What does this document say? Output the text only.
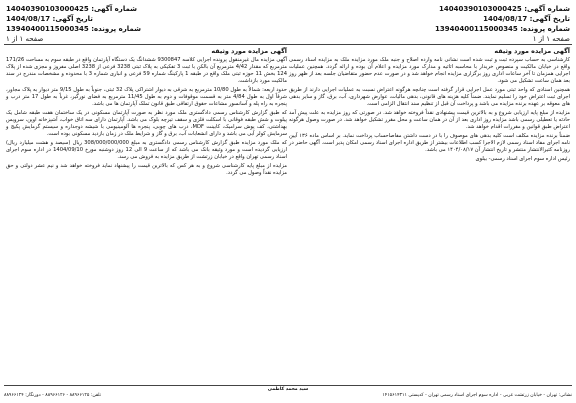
شماره آگهی: 14040390103000425
تاریخ آگهی: 1404/08/17
شماره پرونده: 13940400115000345
صفحه ۱ از ۱
شماره آگهی: 14040390103000425
تاریخ آگهی: 1404/08/17
شماره پرونده: 13940400115000345
صفحه ۱ از ۱
آگهی مزایده مورد وثیقه

کارشناسی به حساب سپرده ثبت و ثبت شده است نشانی نامه وارده اصلاح و جنبه ملک مورد مزایده ملک به مزایده اسناد رسمی واقع در خیابان مالکیت و منصوص خریدار با محاسبه اثاثیه و مدارک مورد مزایده و اعلام آن بوده و ارائه گردد. همچنین عملیات اجرایی همزمان تا آخر ساعات اداری روز برگزاری مزایده انجام خواهد شد و در صورت عدم حضور متقاضیان جلسه بعد از ظهر روز بعد همان ساعت تشکیل می شود.

همچنین اسنادی که واحد ثبتی مورد عمل اجرایی قرار گرفته است چنانچه هرگونه اعتراض نسبت به عملیات اجرایی دارند از طریق اجرای ثبت اعتراض خود را تسلیم نمایند. ضمناً کلیه هزینه های قانونی، بدهی مالیات، عوارض شهرداری، آب، برق، گاز و سایر بدهی های معوقه بر عهده برنده مزایده می باشد و پرداخت آن قبل از تنظیم سند انتقال الزامی است.

مزایده از مبلغ پایه ارزیابی شروع و به بالاترین قیمت پیشنهادی نقداً فروخته خواهد شد. در صورتی که روز مزایده به علت پیش آمد حادثه یا تعطیلی رسمی باشد مزایده روز اداری بعد از آن در همان ساعت و محل مقرر تشکیل خواهد شد. در صورت وصول هرگونه اعتراض طبق قوانین و مقررات اقدام خواهد شد.

ضمناً برنده مزایده مکلف است کلیه بدهی های موصوف را با در دست داشتن مفاصاحساب پرداخت نماید. بر اساس ماده ۱۳۶ آیین نامه اجرای مفاد اسناد رسمی لازم الاجرا کسب اطلاعات بیشتر از طریق اداره اجرای اسناد رسمی امکان پذیر است. آگهی حاضر در روزنامه کثیرالانتشار منتشر و تاریخ انتشار آن ۱۴۰۴/۰۸/۱۷ می باشد.

رئیس اداره سوم اجرای اسناد رسمی- بیلوی

آگهی مزایده مورد وثیقه

آگهی مزایده مال غیرمنقول پرونده اجرایی کلاسه 9300847 ششدانگ یک دستگاه آپارتمان واقع در طبقه سوم به مساحت 171/26 مترمربع که مقدار 4/42 مترمربع آن بالکن با ثبت 3 تفکیکی به پلاک ثبتی 3238 فرعی از 3238 اصلی مفروز و مجزی شده از پلاک 124 بخش 11 حوزه ثبتی ملک واقع در طبقه 1 پارکینگ شماره 59 فرعی و انباری شماره 3 با محدوده و مشخصات مندرج در سند مالکیت مورد بازداشت.

حدود اربعه: شمالاً به طول 10/80 مترمربع به شرقی به دیوار اشتراکی پلاک 32 ثبتی، جنوباً به طول 9/15 متر دیوار به پلاک مجاور، شرقاً اول به طول 4/84 متر به قسمت موقوفات و دوم به طول 11/45 مترمربع به فضای نورگیر، غرباً به طول 17 متر درب و پنجره به راه پله و آسانسور مشاعات حقوق ارتفاقی طبق قانون تملک آپارتمان ها می باشد.

که طبق گزارش کارشناس رسمی دادگستری ملک مورد نظر به صورت آپارتمان مسکونی در یک ساختمان هفت طبقه شامل یک پیلوت و شش طبقه فوقانی با اسکلت فلزی و سقف تیرچه بلوک می باشد. آپارتمان دارای سه اتاق خواب، آشپزخانه اوپن، سرویس بهداشتی، کف پوش سرامیک، کابینت MDF، درب های چوبی، پنجره ها آلومینیومی با شیشه دوجداره و سیستم گرمایش پکیج و سرمایش کولر آبی می باشد و دارای انشعابات آب، برق و گاز و شرایط ملک در زمان بازدید مسکونی بوده است.

که ملک مورد مزایده طبق گزارش کارشناس رسمی دادگستری به مبلغ 308/000/000/000 ریال (سیصد و هشت میلیارد ریال) ارزیابی گردیده است و مورد وثیقه بانک می باشد که از ساعت 9 الی 12 روز دوشنبه مورخ 1404/09/10 در اداره سوم اجرای اسناد رسمی تهران واقع در خیابان زرتشت از طریق مزایده به فروش می رسد.

مزایده از مبلغ پایه کارشناسی شروع و به هر کس که بالاترین قیمت را پیشنهاد نماید فروخته خواهد شد و نیم عشر دولتی و حق مزایده نقداً وصول می گردد.

سید محمد کاظمی
نشانی: تهران - خیابان زرتشت غربی - اداره سوم اجرای اسناد رسمی تهران - کدپستی ۱۴۱۵۶۱۴۳۱۱
تلفن: ۸۸۹۶۶۱۲۵ - ۸۸۹۶۶۱۲۶ - دورنگار: ۸۸۹۶۶۱۲۴
